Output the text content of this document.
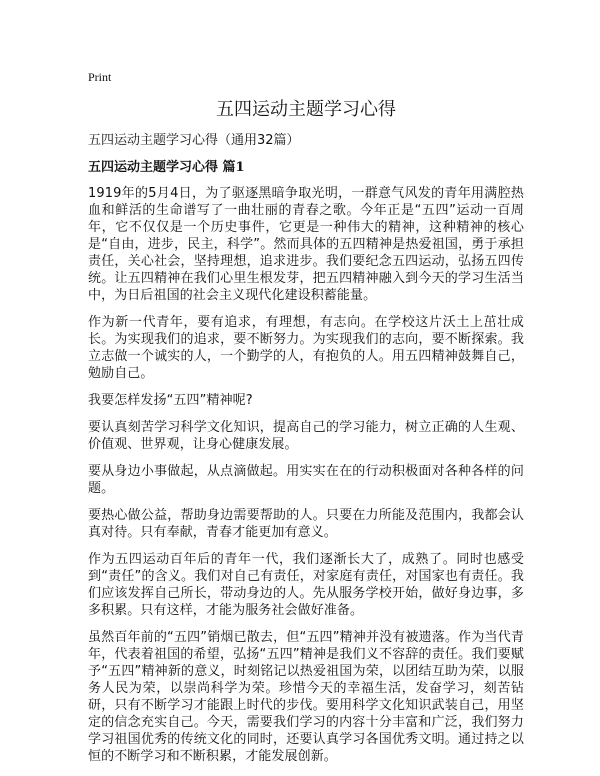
Print
五四运动主题学习心得
五四运动主题学习心得（通用32篇）
五四运动主题学习心得 篇1

1919年的5月4日，为了驱逐黑暗争取光明，一群意气风发的青年用满腔热血和鲜活的生命谱写了一曲壮丽的青春之歌。今年正是“五四”运动一百周年，它不仅仅是一个历史事件，它更是一种伟大的精神，这种精神的核心是“自由，进步，民主，科学”。然而具体的五四精神是热爱祖国，勇于承担责任，关心社会，坚持理想，追求进步。我们要纪念五四运动，弘扬五四传统。让五四精神在我们心里生根发芽，把五四精神融入到今天的学习生活当中，为日后祖国的社会主义现代化建设积蓄能量。

作为新一代青年，要有追求，有理想，有志向。在学校这片沃土上茁壮成长。为实现我们的追求，要不断努力。为实现我们的志向，要不断探索。我立志做一个诚实的人，一个勤学的人，有抱负的人。用五四精神鼓舞自己，勉励自己。

我要怎样发扬“五四”精神呢?

要认真刻苦学习科学文化知识，提高自己的学习能力，树立正确的人生观、价值观、世界观，让身心健康发展。

要从身边小事做起，从点滴做起。用实实在在的行动积极面对各种各样的问题。

要热心做公益，帮助身边需要帮助的人。只要在力所能及范围内，我都会认真对待。只有奉献，青春才能更加有意义。

作为五四运动百年后的青年一代，我们逐渐长大了，成熟了。同时也感受到“责任”的含义。我们对自己有责任，对家庭有责任，对国家也有责任。我们应该发挥自己所长，带动身边的人。先从服务学校开始，做好身边事，多多积累。只有这样，才能为服务社会做好准备。

虽然百年前的“五四”销烟已散去，但“五四”精神并没有被遗落。作为当代青年，代表着祖国的希望，弘扬“五四”精神是我们义不容辞的责任。我们要赋予“五四”精神新的意义，时刻铭记以热爱祖国为荣，以团结互助为荣，以服务人民为荣，以崇尚科学为荣。珍惜今天的幸福生活，发奋学习，刻苦钻研，只有不断学习才能跟上时代的步伐。要用科学文化知识武装自己，用坚定的信念充实自己。今天，需要我们学习的内容十分丰富和广泛，我们努力学习祖国优秀的传统文化的同时，还要认真学习各国优秀文明。通过持之以恒的不断学习和不断积累，才能发展创新。
